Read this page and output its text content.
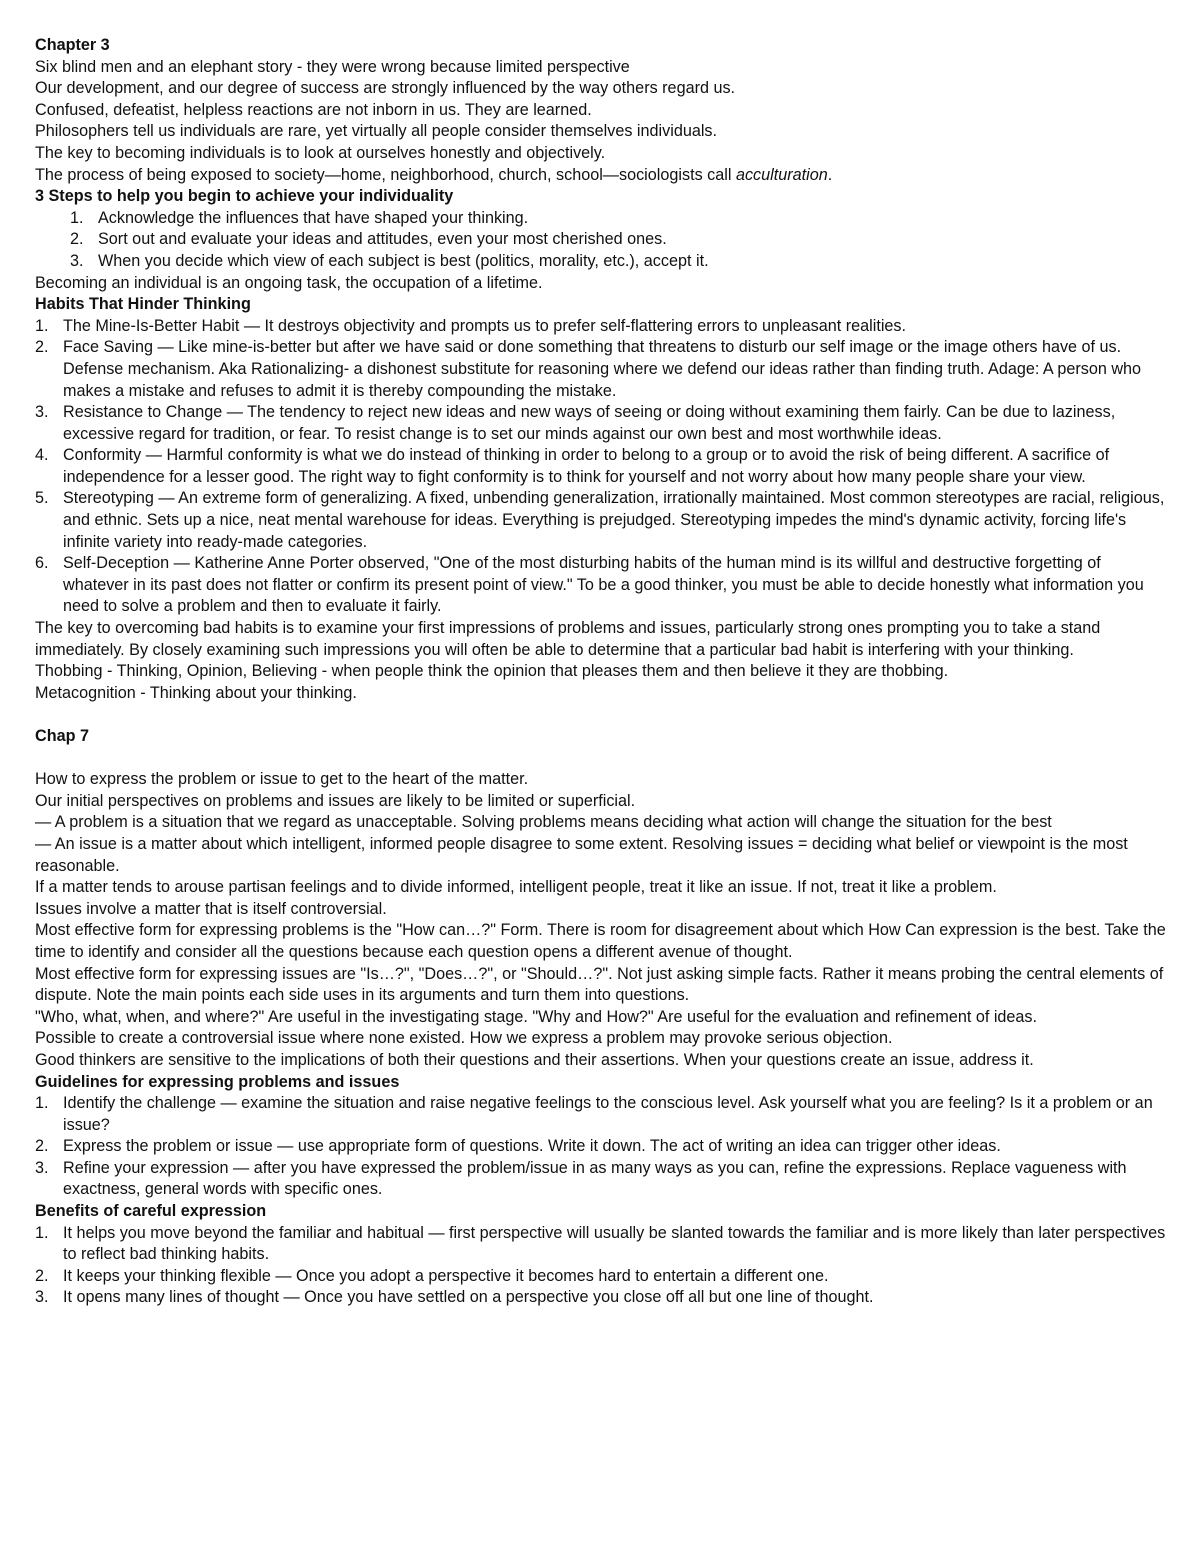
Chapter 3
Six blind men and an elephant story - they were wrong because limited perspective
Our development, and our degree of success are strongly influenced by the way others regard us.
Confused, defeatist, helpless reactions are not inborn in us. They are learned.
Philosophers tell us individuals are rare, yet virtually all people consider themselves individuals.
The key to becoming individuals is to look at ourselves honestly and objectively.
The process of being exposed to society—home, neighborhood, church, school—sociologists call acculturation.
3 Steps to help you begin to achieve your individuality
1. Acknowledge the influences that have shaped your thinking.
2. Sort out and evaluate your ideas and attitudes, even your most cherished ones.
3. When you decide which view of each subject is best (politics, morality, etc.), accept it.
Becoming an individual is an ongoing task, the occupation of a lifetime.
Habits That Hinder Thinking
1. The Mine-Is-Better Habit — It destroys objectivity and prompts us to prefer self-flattering errors to unpleasant realities.
2. Face Saving — Like mine-is-better but after we have said or done something that threatens to disturb our self image or the image others have of us. Defense mechanism. Aka Rationalizing- a dishonest substitute for reasoning where we defend our ideas rather than finding truth. Adage: A person who makes a mistake and refuses to admit it is thereby compounding the mistake.
3. Resistance to Change — The tendency to reject new ideas and new ways of seeing or doing without examining them fairly. Can be due to laziness, excessive regard for tradition, or fear. To resist change is to set our minds against our own best and most worthwhile ideas.
4. Conformity — Harmful conformity is what we do instead of thinking in order to belong to a group or to avoid the risk of being different. A sacrifice of independence for a lesser good. The right way to fight conformity is to think for yourself and not worry about how many people share your view.
5. Stereotyping — An extreme form of generalizing. A fixed, unbending generalization, irrationally maintained. Most common stereotypes are racial, religious, and ethnic. Sets up a nice, neat mental warehouse for ideas. Everything is prejudged. Stereotyping impedes the mind's dynamic activity, forcing life's infinite variety into ready-made categories.
6. Self-Deception — Katherine Anne Porter observed, "One of the most disturbing habits of the human mind is its willful and destructive forgetting of whatever in its past does not flatter or confirm its present point of view." To be a good thinker, you must be able to decide honestly what information you need to solve a problem and then to evaluate it fairly.
The key to overcoming bad habits is to examine your first impressions of problems and issues, particularly strong ones prompting you to take a stand immediately. By closely examining such impressions you will often be able to determine that a particular bad habit is interfering with your thinking.
Thobbing - Thinking, Opinion, Believing - when people think the opinion that pleases them and then believe it they are thobbing.
Metacognition - Thinking about your thinking.
Chap 7
How to express the problem or issue to get to the heart of the matter.
Our initial perspectives on problems and issues are likely to be limited or superficial.
— A problem is a situation that we regard as unacceptable. Solving problems means deciding what action will change the situation for the best
— An issue is a matter about which intelligent, informed people disagree to some extent. Resolving issues = deciding what belief or viewpoint is the most reasonable.
If a matter tends to arouse partisan feelings and to divide informed, intelligent people, treat it like an issue. If not, treat it like a problem.
Issues involve a matter that is itself controversial.
Most effective form for expressing problems is the "How can…?" Form. There is room for disagreement about which How Can expression is the best. Take the time to identify and consider all the questions because each question opens a different avenue of thought.
Most effective form for expressing issues are "Is…?", "Does…?", or "Should…?". Not just asking simple facts. Rather it means probing the central elements of dispute. Note the main points each side uses in its arguments and turn them into questions.
"Who, what, when, and where?" Are useful in the investigating stage. "Why and How?" Are useful for the evaluation and refinement of ideas.
Possible to create a controversial issue where none existed. How we express a problem may provoke serious objection.
Good thinkers are sensitive to the implications of both their questions and their assertions. When your questions create an issue, address it.
Guidelines for expressing problems and issues
1. Identify the challenge — examine the situation and raise negative feelings to the conscious level. Ask yourself what you are feeling? Is it a problem or an issue?
2. Express the problem or issue — use appropriate form of questions. Write it down. The act of writing an idea can trigger other ideas.
3. Refine your expression — after you have expressed the problem/issue in as many ways as you can, refine the expressions. Replace vagueness with exactness, general words with specific ones.
Benefits of careful expression
1. It helps you move beyond the familiar and habitual — first perspective will usually be slanted towards the familiar and is more likely than later perspectives to reflect bad thinking habits.
2. It keeps your thinking flexible — Once you adopt a perspective it becomes hard to entertain a different one.
3. It opens many lines of thought — Once you have settled on a perspective you close off all but one line of thought.
